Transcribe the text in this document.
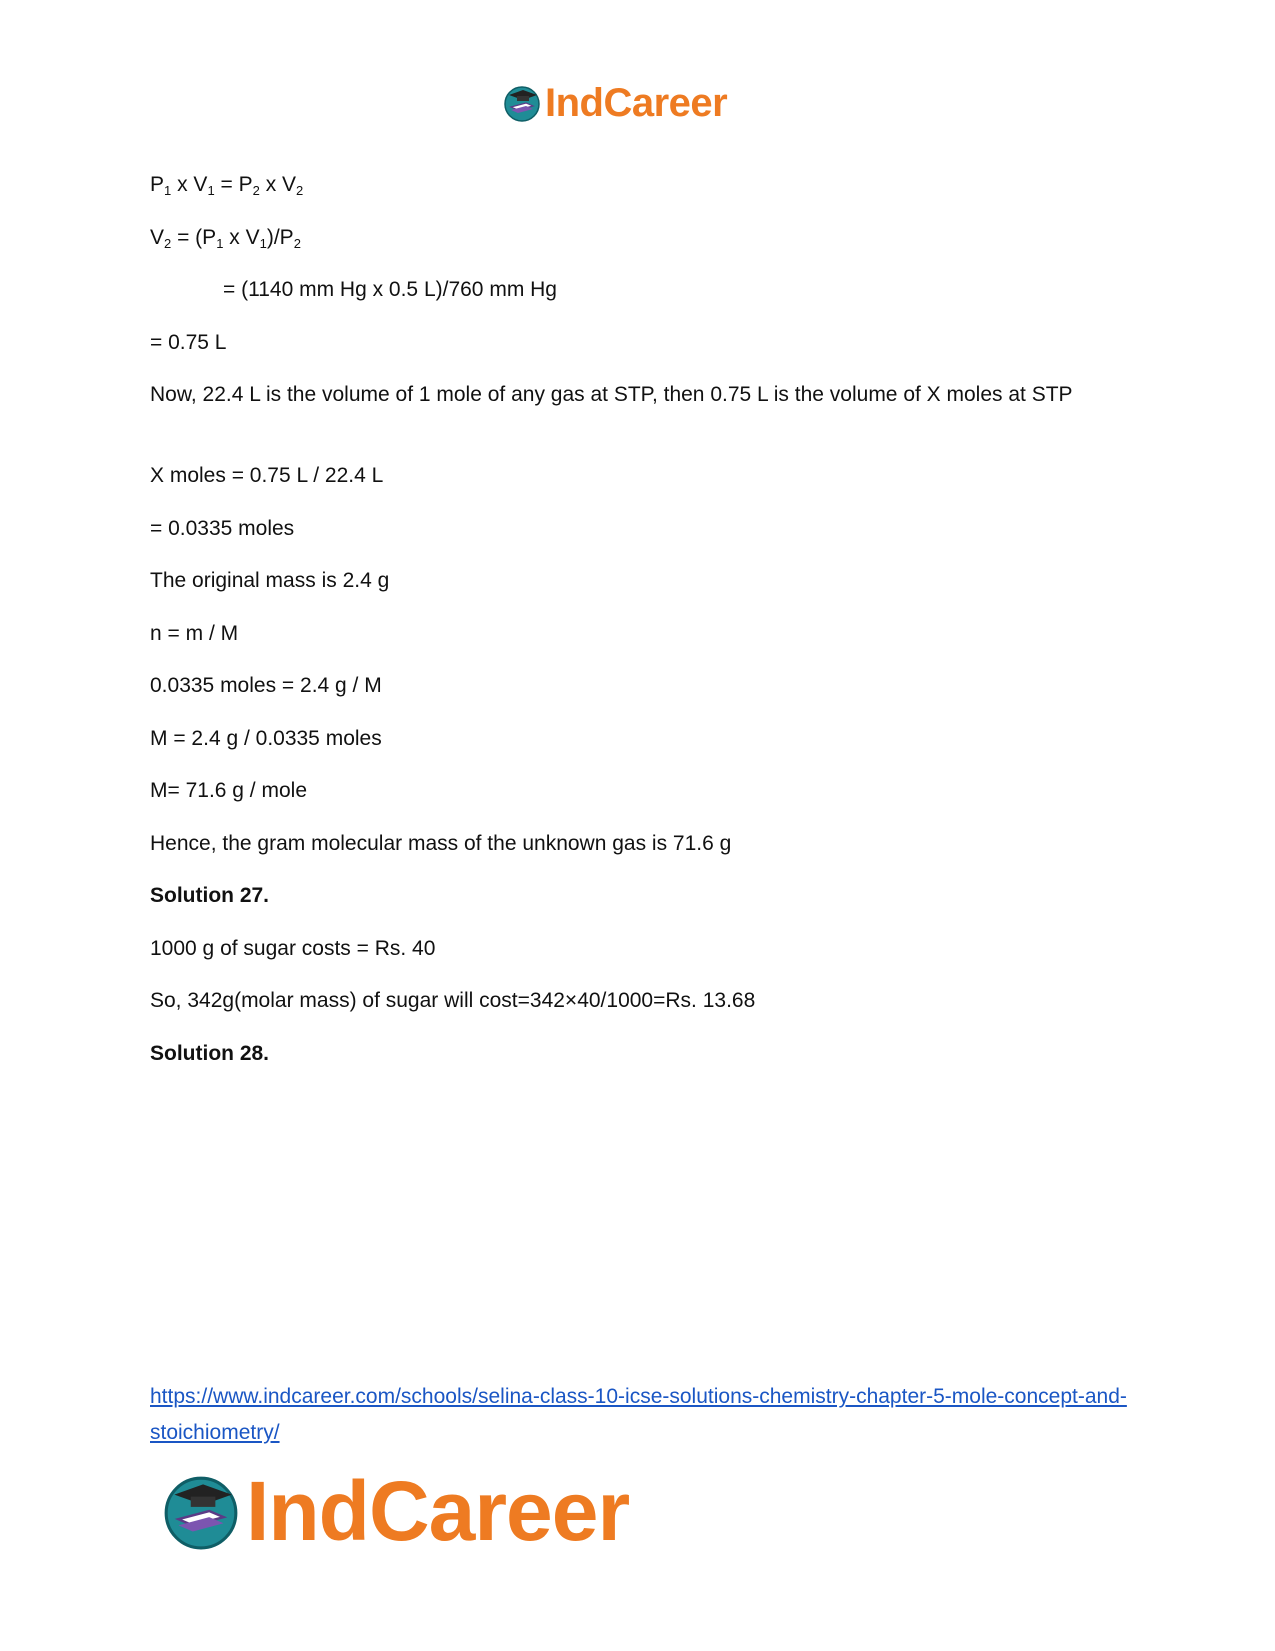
IndCareer
$P_1$ x $V_1 = P_2$ x $V_2$
$V_2 = (P_1$ x $V_1)/P_2$
= (1140 mm Hg x 0.5 L)/760 mm Hg
= 0.75 L
Now, 22.4 L is the volume of 1 mole of any gas at STP, then 0.75 L is the volume of X moles at STP
X moles = 0.75 L / 22.4 L
= 0.0335 moles
The original mass is 2.4 g
n = m / M
0.0335 moles = 2.4 g / M
M = 2.4 g / 0.0335 moles
M= 71.6 g / mole
Hence, the gram molecular mass of the unknown gas is 71.6 g
Solution 27.
1000 g of sugar costs = Rs. 40
So, 342g(molar mass) of sugar will cost=342×40/1000=Rs. 13.68
Solution 28.
https://www.indcareer.com/schools/selina-class-10-icse-solutions-chemistry-chapter-5-mole-concept-and-stoichiometry/
IndCareer
